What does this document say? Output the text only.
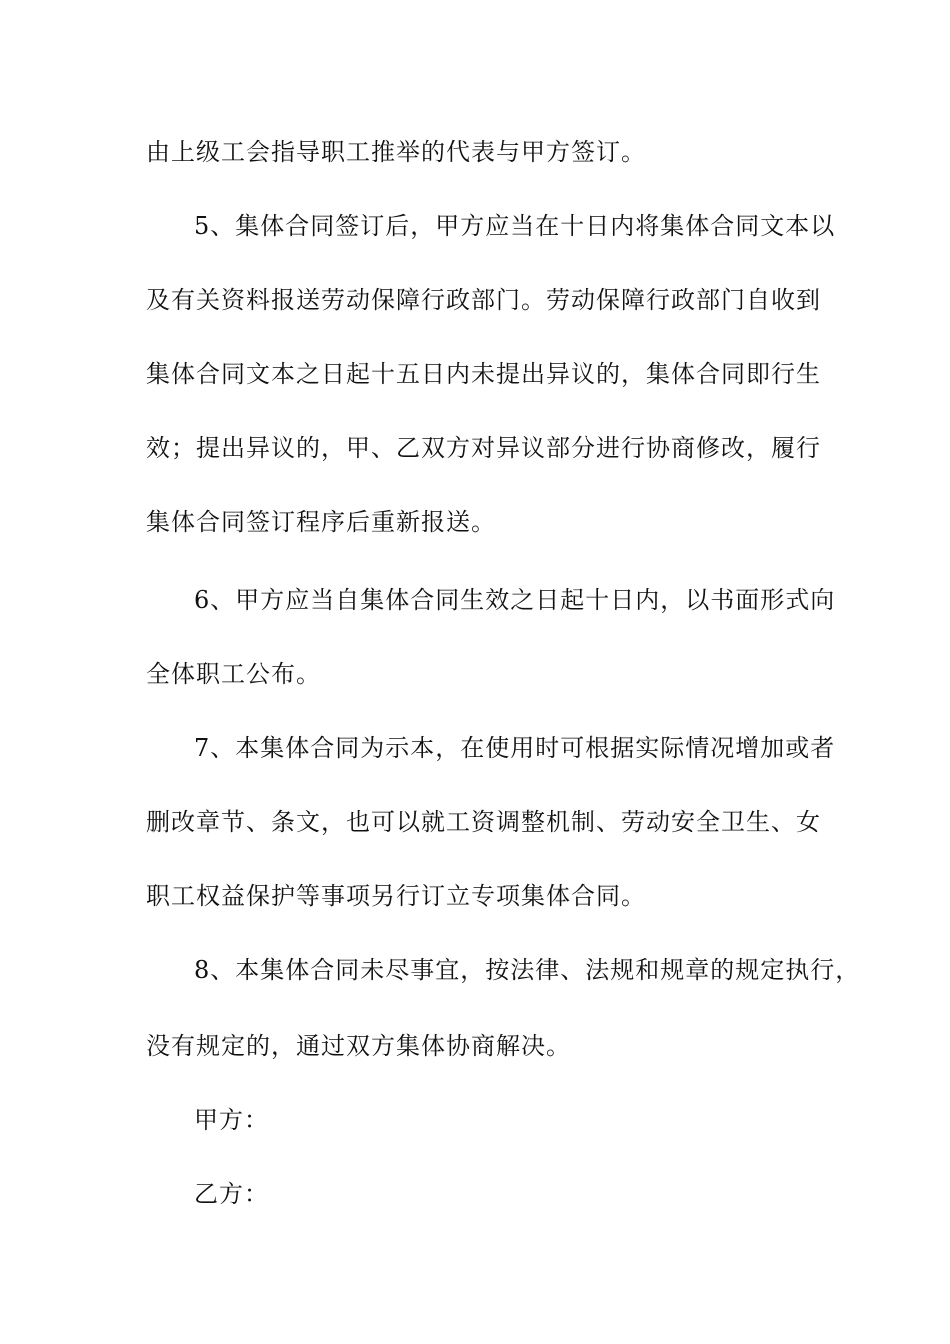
由上级工会指导职工推举的代表与甲方签订。
5、集体合同签订后，甲方应当在十日内将集体合同文本以
及有关资料报送劳动保障行政部门。劳动保障行政部门自收到
集体合同文本之日起十五日内未提出异议的，集体合同即行生
效；提出异议的，甲、乙双方对异议部分进行协商修改，履行
集体合同签订程序后重新报送。
6、甲方应当自集体合同生效之日起十日内，以书面形式向
全体职工公布。
7、本集体合同为示本，在使用时可根据实际情况增加或者
删改章节、条文，也可以就工资调整机制、劳动安全卫生、女
职工权益保护等事项另行订立专项集体合同。
8、本集体合同未尽事宜，按法律、法规和规章的规定执行，
没有规定的，通过双方集体协商解决。
甲方：
乙方：
